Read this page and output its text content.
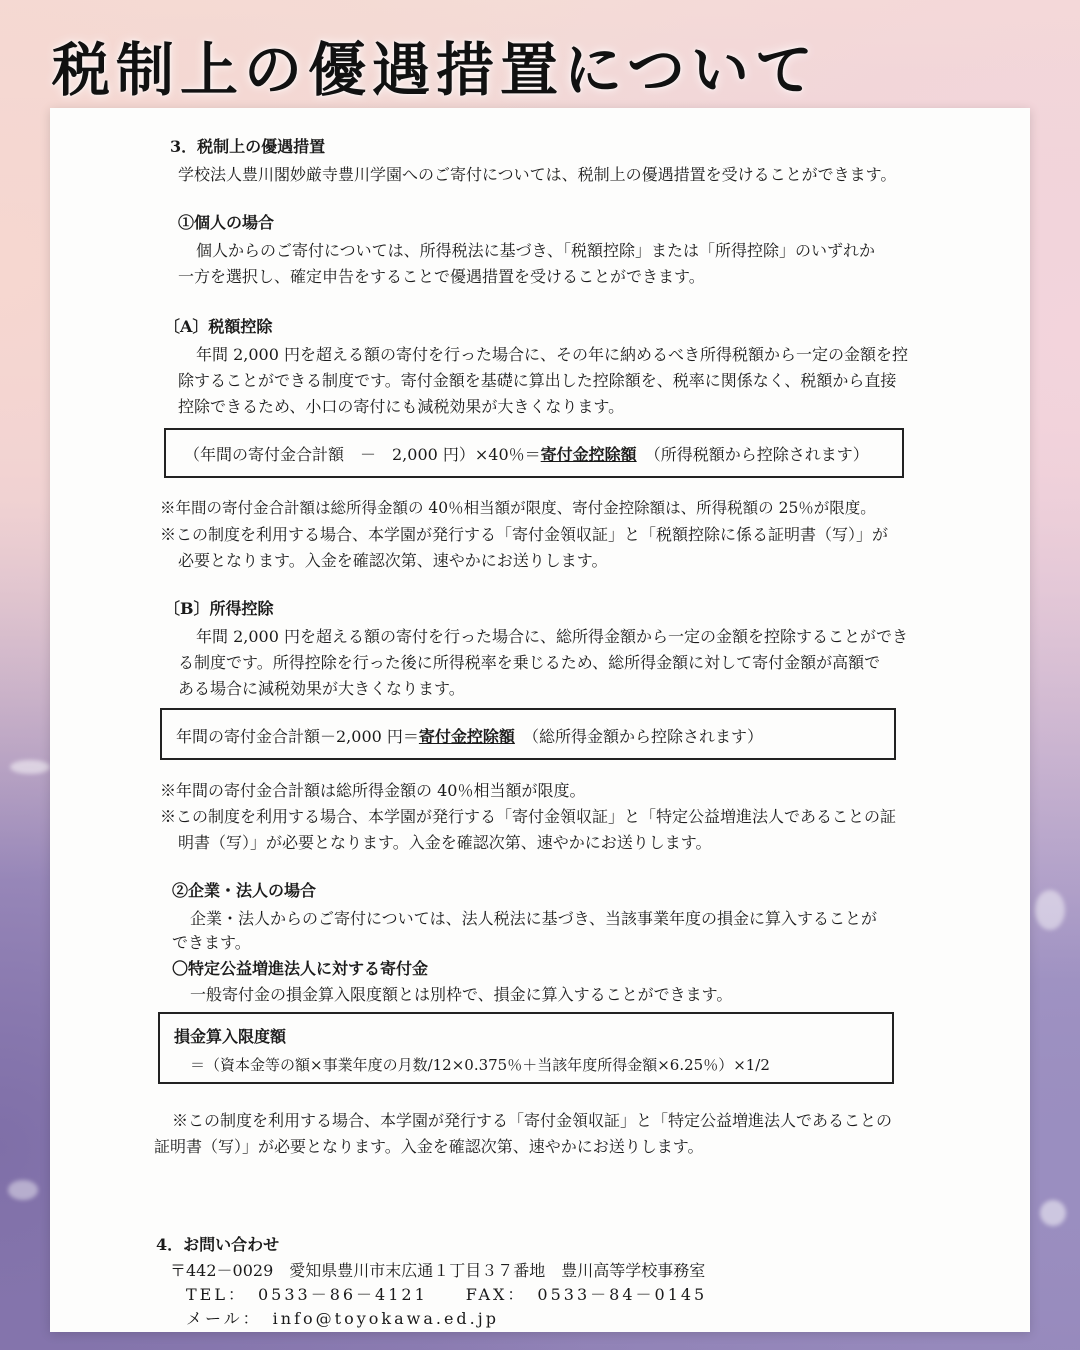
税制上の優遇措置について
3．税制上の優遇措置
学校法人豊川閣妙厳寺豊川学園へのご寄付については、税制上の優遇措置を受けることができます。
①個人の場合
個人からのご寄付については、所得税法に基づき、「税額控除」または「所得控除」のいずれか
一方を選択し、確定申告をすることで優遇措置を受けることができます。
〔A〕税額控除
年間 2,000 円を超える額の寄付を行った場合に、その年に納めるべき所得税額から一定の金額を控
除することができる制度です。寄付金額を基礎に算出した控除額を、税率に関係なく、税額から直接
控除できるため、小口の寄付にも減税効果が大きくなります。
（年間の寄付金合計額　－　2,000 円）×40％＝寄付金控除額　 （所得税額から控除されます）
※年間の寄付金合計額は総所得金額の 40％相当額が限度、寄付金控除額は、所得税額の 25％が限度。
※この制度を利用する場合、本学園が発行する「寄付金領収証」と「税額控除に係る証明書（写）」が
必要となります。入金を確認次第、速やかにお送りします。
〔B〕所得控除
年間 2,000 円を超える額の寄付を行った場合に、総所得金額から一定の金額を控除することができ
る制度です。所得控除を行った後に所得税率を乗じるため、総所得金額に対して寄付金額が高額で
ある場合に減税効果が大きくなります。
年間の寄付金合計額－2,000 円＝寄付金控除額　 （総所得金額から控除されます）
※年間の寄付金合計額は総所得金額の 40％相当額が限度。
※この制度を利用する場合、本学園が発行する「寄付金領収証」と「特定公益増進法人であることの証
明書（写）」が必要となります。入金を確認次第、速やかにお送りします。
②企業・法人の場合
企業・法人からのご寄付については、法人税法に基づき、当該事業年度の損金に算入することが
できます。
〇特定公益増進法人に対する寄付金
一般寄付金の損金算入限度額とは別枠で、損金に算入することができます。
損金算入限度額
＝（資本金等の額×事業年度の月数/12×0.375％＋当該年度所得金額×6.25％）×1/2
※この制度を利用する場合、本学園が発行する「寄付金領収証」と「特定公益増進法人であることの
証明書（写）」が必要となります。入金を確認次第、速やかにお送りします。
4．お問い合わせ
〒442－0029　愛知県豊川市末広通１丁目３７番地　豊川高等学校事務室
TEL：　0533－86－4121　　FAX：　0533－84－0145
メール：　info@toyokawa.ed.jp
